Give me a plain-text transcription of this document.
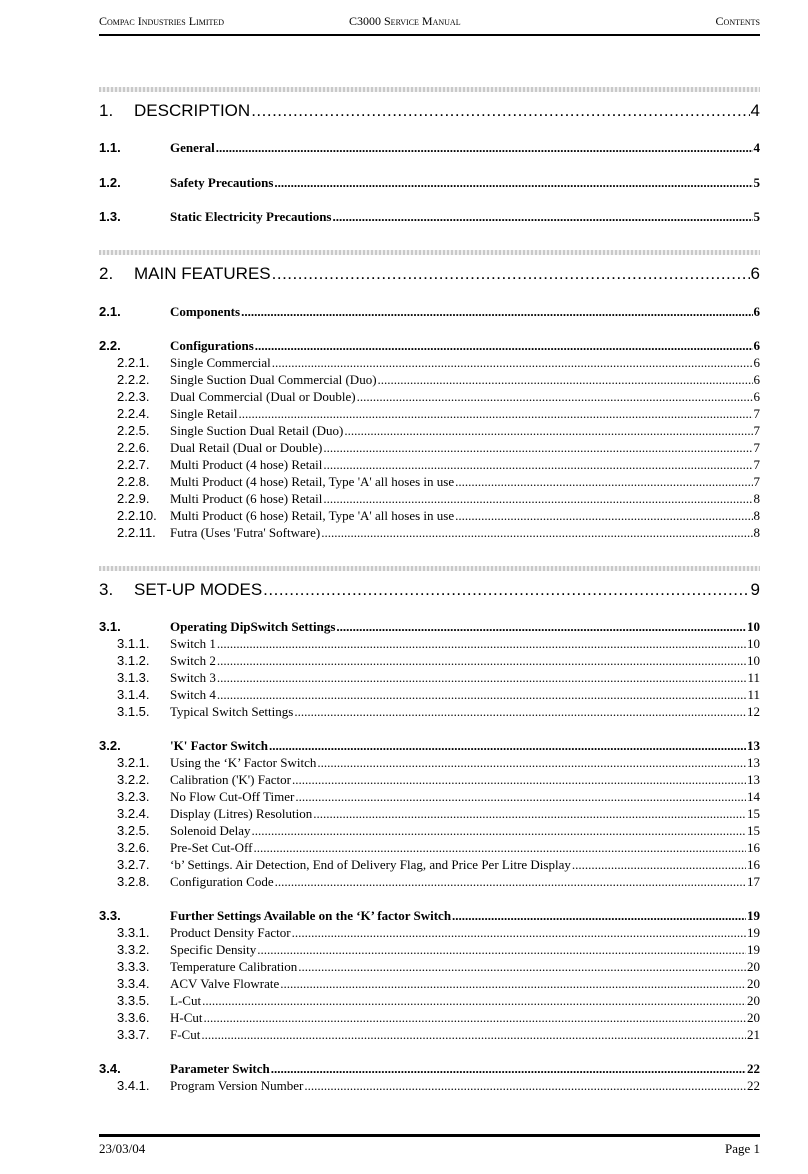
Compac Industries Limited	C3000 Service Manual	Contents
1.	DESCRIPTION .....	4
1.1.	General .....	4
1.2.	Safety Precautions .....	5
1.3.	Static Electricity Precautions .....	5
2.	MAIN FEATURES .....	6
2.1.	Components .....	6
2.2.	Configurations .....	6
2.2.1.	Single Commercial .....	6
2.2.2.	Single Suction Dual Commercial (Duo) .....	6
2.2.3.	Dual Commercial (Dual or Double) .....	6
2.2.4.	Single Retail .....	7
2.2.5.	Single Suction Dual Retail (Duo) .....	7
2.2.6.	Dual Retail (Dual or Double) .....	7
2.2.7.	Multi Product (4 hose) Retail .....	7
2.2.8.	Multi Product (4 hose) Retail, Type 'A' all hoses in use .....	7
2.2.9.	Multi Product (6 hose) Retail .....	8
2.2.10.	Multi Product (6 hose) Retail, Type 'A' all hoses in use .....	8
2.2.11.	Futra (Uses 'Futra' Software) .....	8
3.	SET-UP MODES .....	9
3.1.	Operating DipSwitch Settings .....	10
3.1.1.	Switch 1 .....	10
3.1.2.	Switch 2 .....	10
3.1.3.	Switch 3 .....	11
3.1.4.	Switch 4 .....	11
3.1.5.	Typical Switch Settings .....	12
3.2.	'K' Factor Switch .....	13
3.2.1.	Using the ‘K’ Factor Switch .....	13
3.2.2.	Calibration ('K') Factor .....	13
3.2.3.	No Flow Cut-Off Timer .....	14
3.2.4.	Display (Litres) Resolution .....	15
3.2.5.	Solenoid Delay .....	15
3.2.6.	Pre-Set Cut-Off .....	16
3.2.7.	‘b’ Settings. Air Detection, End of Delivery Flag, and Price Per Litre Display .....	16
3.2.8.	Configuration Code .....	17
3.3.	Further Settings Available on the ‘K’ factor Switch .....	19
3.3.1.	Product Density Factor .....	19
3.3.2.	Specific Density .....	19
3.3.3.	Temperature Calibration .....	20
3.3.4.	ACV Valve Flowrate .....	20
3.3.5.	L-Cut .....	20
3.3.6.	H-Cut .....	20
3.3.7.	F-Cut .....	21
3.4.	Parameter Switch .....	22
3.4.1.	Program Version Number .....	22
23/03/04	Page 1
